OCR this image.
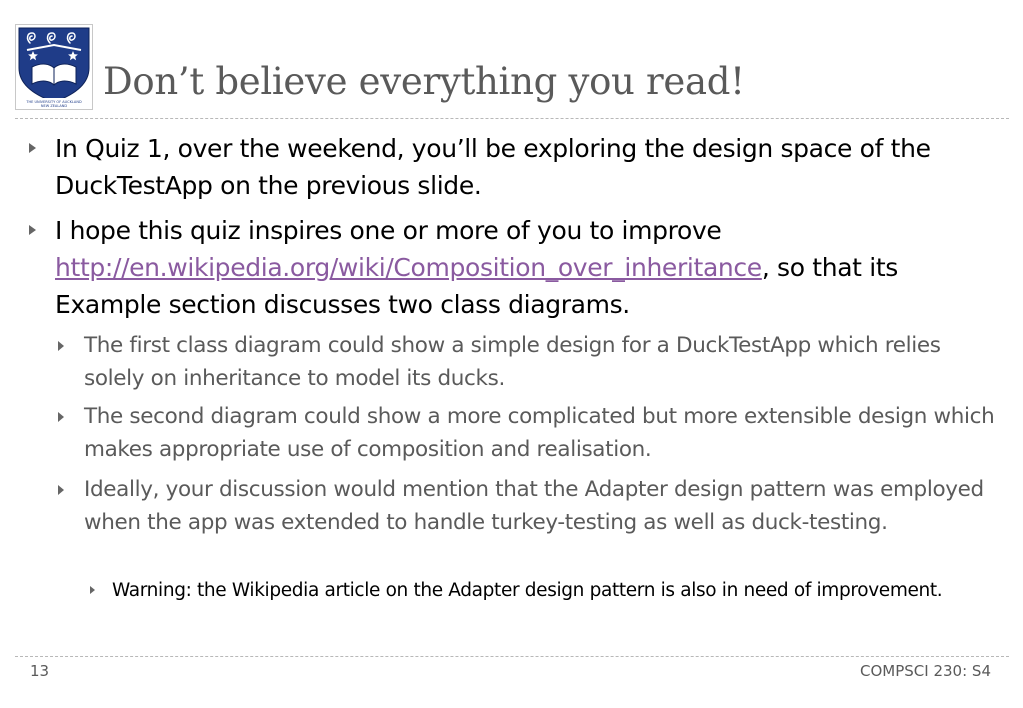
THE UNIVERSITY OF AUCKLAND
NEW ZEALAND
Don’t believe everything you read!

In Quiz 1, over the weekend, you’ll be exploring the design space of the DuckTestApp on the previous slide.

I hope this quiz inspires one or more of you to improve http://en.wikipedia.org/wiki/Composition_over_inheritance, so that its Example section discusses two class diagrams.

The first class diagram could show a simple design for a DuckTestApp which relies solely on inheritance to model its ducks.

The second diagram could show a more complicated but more extensible design which makes appropriate use of composition and realisation.

Ideally, your discussion would mention that the Adapter design pattern was employed when the app was extended to handle turkey-testing as well as duck-testing.

Warning: the Wikipedia article on the Adapter design pattern is also in need of improvement.

13	COMPSCI 230: S4
